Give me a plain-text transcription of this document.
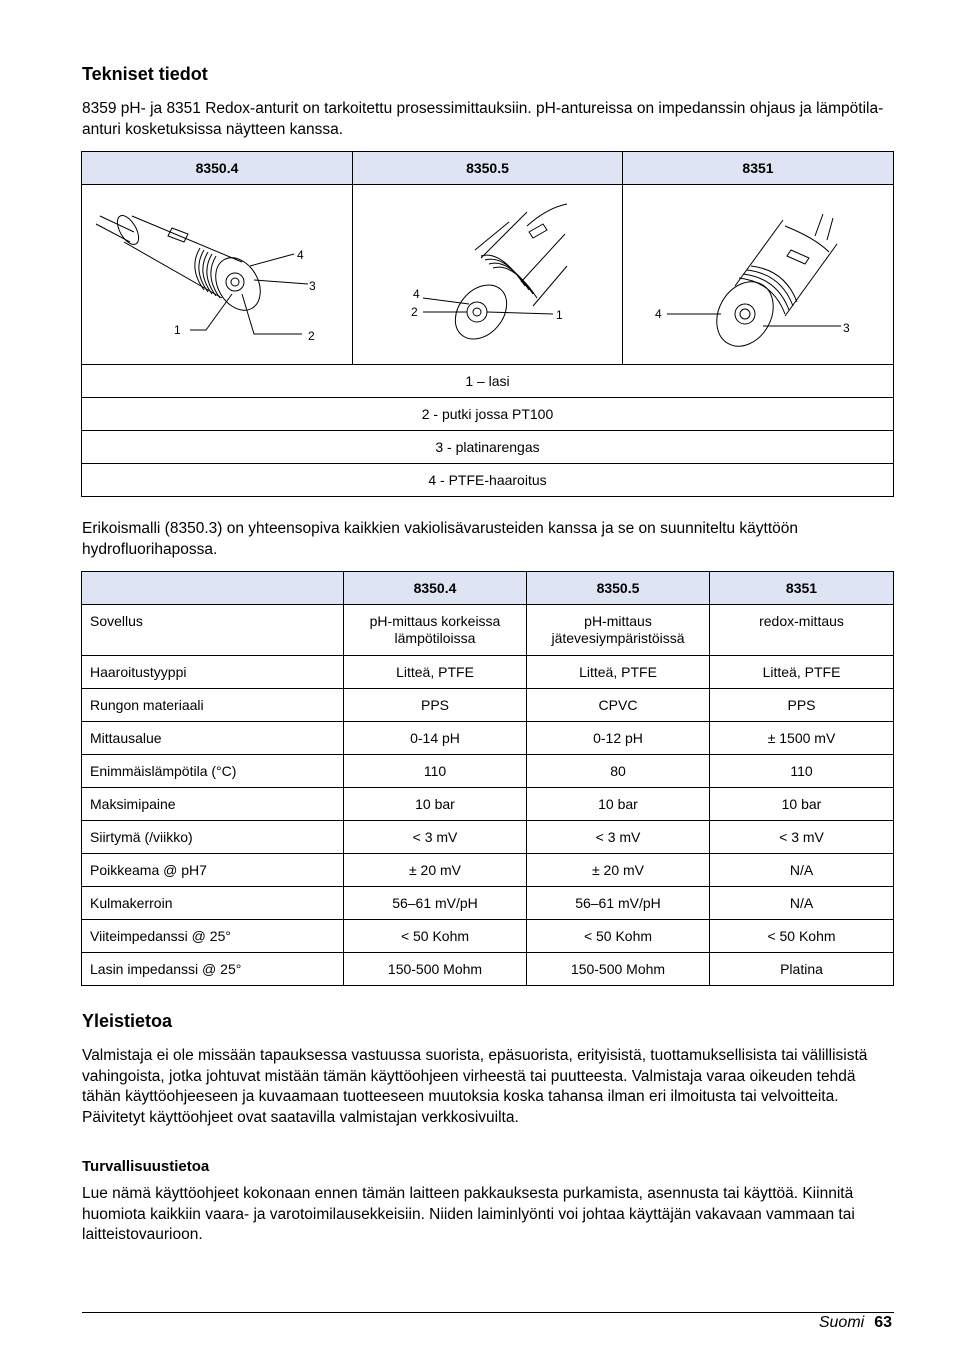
Tekniset tiedot
8359 pH- ja 8351 Redox-anturit on tarkoitettu prosessimittauksiin. pH-antureissa on impedanssin ohjaus ja lämpötila-anturi kosketuksissa näytteen kanssa.
8350.4	8350.5	8351

4
3
1 2	4
2 1	4
3

1 – lasi		
2 - putki jossa PT100		
3 - platinarengas		
4 - PTFE-haaroitus		
Erikoismalli (8350.3) on yhteensopiva kaikkien vakiolisävarusteiden kanssa ja se on suunniteltu käyttöön hydrofluorihapossa.
	8350.4	8350.5	8351
Sovellus	pH-mittaus korkeissa lämpötiloissa	pH-mittaus jätevesiympäristöissä	redox-mittaus
Haaroitustyyppi	Litteä, PTFE	Litteä, PTFE	Litteä, PTFE
Rungon materiaali	PPS	CPVC	PPS
Mittausalue	0-14 pH	0-12 pH	± 1500 mV
Enimmäislämpötila (°C)	110	80	110
Maksimipaine	10 bar	10 bar	10 bar
Siirtymä (/viikko)	< 3 mV	< 3 mV	< 3 mV
Poikkeama @ pH7	± 20 mV	± 20 mV	N/A
Kulmakerroin	56–61 mV/pH	56–61 mV/pH	N/A
Viiteimpedanssi @ 25°	< 50 Kohm	< 50 Kohm	< 50 Kohm
Lasin impedanssi @ 25°	150-500 Mohm	150-500 Mohm	Platina
Yleistietoa
Valmistaja ei ole missään tapauksessa vastuussa suorista, epäsuorista, erityisistä, tuottamuksellisista tai välillisistä vahingoista, jotka johtuvat mistään tämän käyttöohjeen virheestä tai puutteesta. Valmistaja varaa oikeuden tehdä tähän käyttöohjeeseen ja kuvaamaan tuotteeseen muutoksia koska tahansa ilman eri ilmoitusta tai velvoitteita. Päivitetyt käyttöohjeet ovat saatavilla valmistajan verkkosivuilta.
Turvallisuustietoa
Lue nämä käyttöohjeet kokonaan ennen tämän laitteen pakkauksesta purkamista, asennusta tai käyttöä. Kiinnitä huomiota kaikkiin vaara- ja varotoimilausekkeisiin. Niiden laiminlyönti voi johtaa käyttäjän vakavaan vammaan tai laitteistovaurioon.
Suomi 63
